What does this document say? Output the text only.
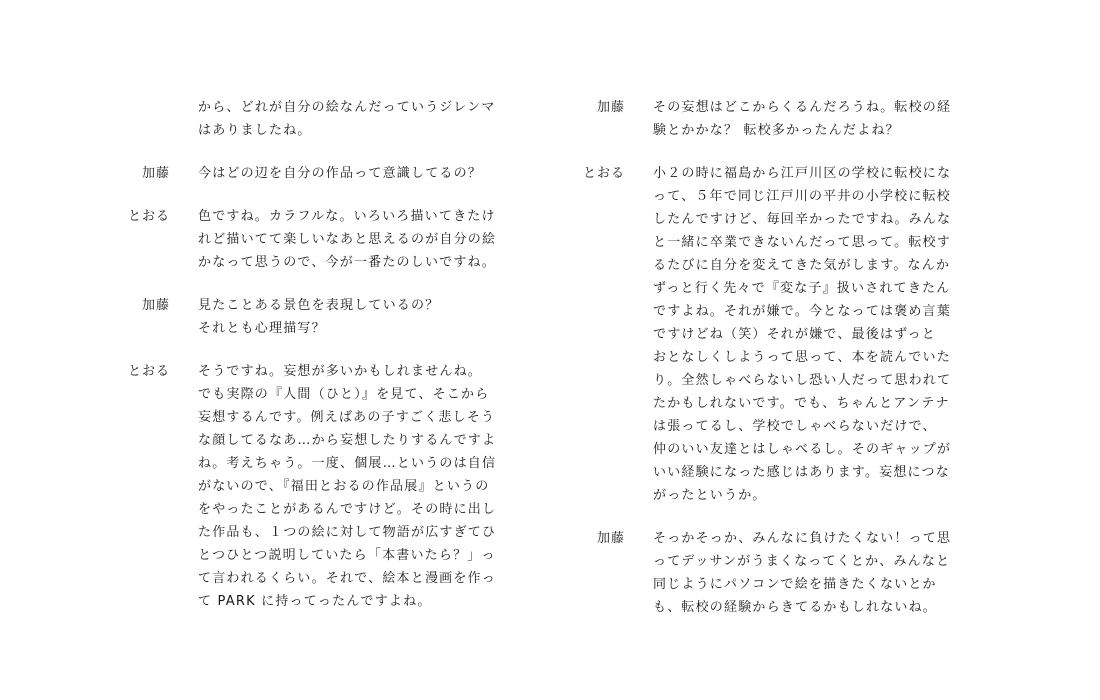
から、どれが自分の絵なんだっていうジレンマ
はありましたね。
加藤 今はどの辺を自分の作品って意識してるの？
とおる 色ですね。カラフルな。いろいろ描いてきたけ
れど描いてて楽しいなあと思えるのが自分の絵
かなって思うので、今が一番たのしいですね。
加藤 見たことある景色を表現しているの？
それとも心理描写？
とおる そうですね。妄想が多いかもしれませんね。
でも実際の『人間（ひと）』を見て、そこから
妄想するんです。例えばあの子すごく悲しそう
な顔してるなあ…から妄想したりするんですよ
ね。考えちゃう。一度、個展…というのは自信
がないので、『福田とおるの作品展』というの
をやったことがあるんですけど。その時に出し
た作品も、１つの絵に対して物語が広すぎてひ
とつひとつ説明していたら「本書いたら？」っ
て言われるくらい。それで、絵本と漫画を作っ
て PARK に持ってったんですよね。
加藤 その妄想はどこからくるんだろうね。転校の経
験とかかな？ 転校多かったんだよね？
とおる 小２の時に福島から江戸川区の学校に転校にな
って、５年で同じ江戸川の平井の小学校に転校
したんですけど、毎回辛かったですね。みんな
と一緒に卒業できないんだって思って。転校す
るたびに自分を変えてきた気がします。なんか
ずっと行く先々で『変な子』扱いされてきたん
ですよね。それが嫌で。今となっては褒め言葉
ですけどね（笑）それが嫌で、最後はずっと
おとなしくしようって思って、本を読んでいた
り。全然しゃべらないし恐い人だって思われて
たかもしれないです。でも、ちゃんとアンテナ
は張ってるし、学校でしゃべらないだけで、
仲のいい友達とはしゃべるし。そのギャップが
いい経験になった感じはあります。妄想につな
がったというか。
加藤 そっかそっか、みんなに負けたくない！って思
ってデッサンがうまくなってくとか、みんなと
同じようにパソコンで絵を描きたくないとか
も、転校の経験からきてるかもしれないね。
